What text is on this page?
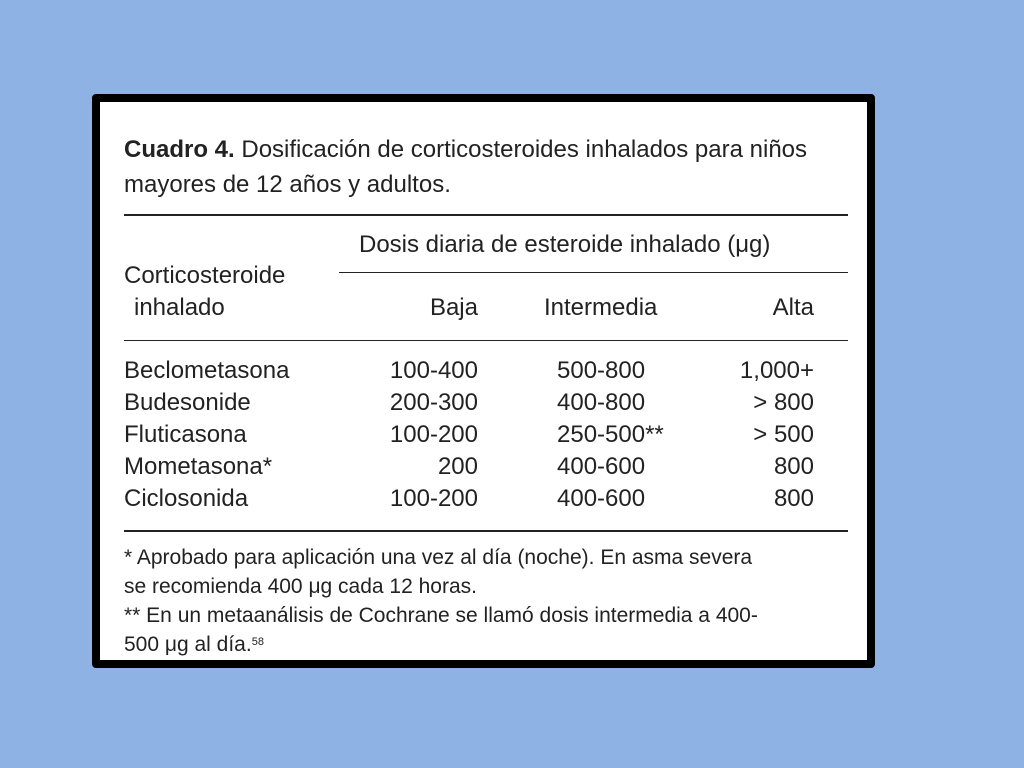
Cuadro 4. Dosificación de corticosteroides inhalados para niños mayores de 12 años y adultos.

Corticosteroide
inhalado
Dosis diaria de esteroide inhalado (μg)
Baja	Intermedia	Alta
Beclometasona	100-400	500-800	1,000+
Budesonide	200-300	400-800	> 800
Fluticasona	100-200	250-500**	> 500
Mometasona*	200	400-600	800
Ciclosonida	100-200	400-600	800
* Aprobado para aplicación una vez al día (noche). En asma severa
se recomienda 400 μg cada 12 horas.
** En un metaanálisis de Cochrane se llamó dosis intermedia a 400-
500 μg al día.$^{58}$
